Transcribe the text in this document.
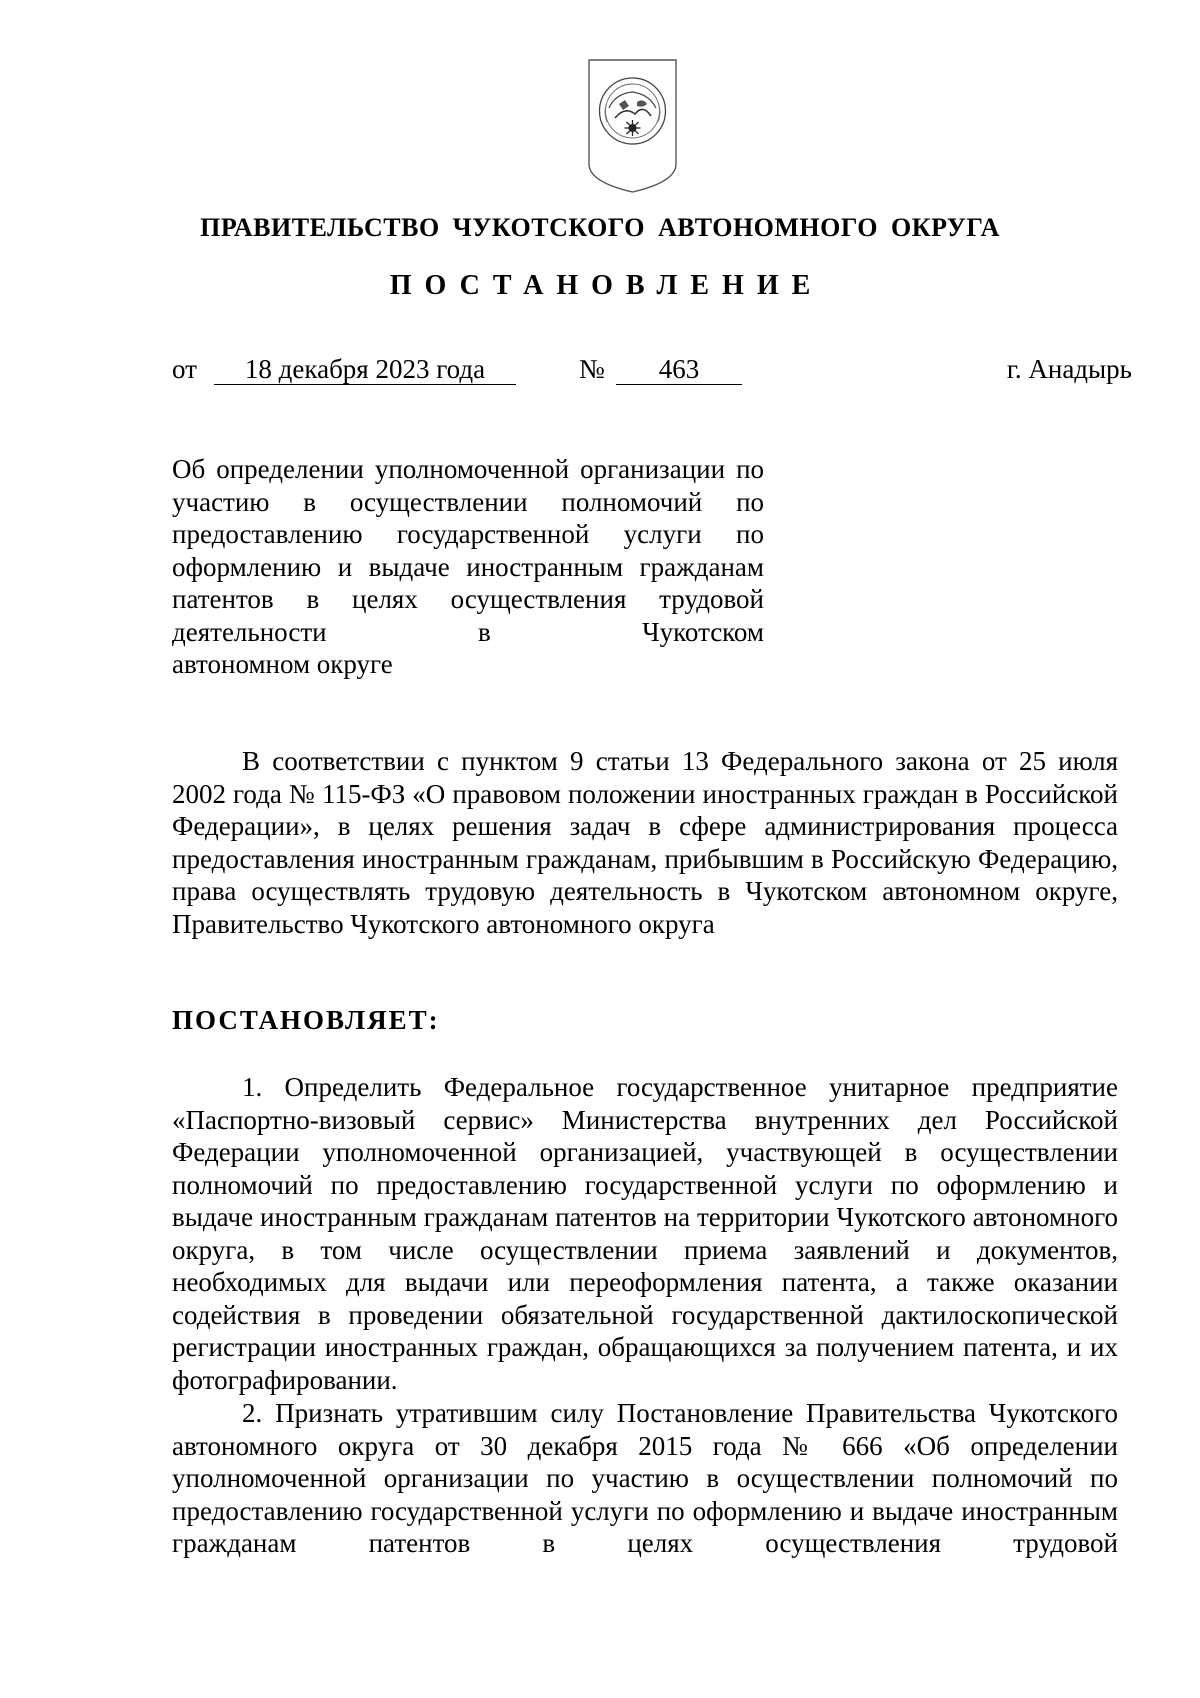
ПРАВИТЕЛЬСТВО ЧУКОТСКОГО АВТОНОМНОГО ОКРУГА
ПОСТАНОВЛЕНИЕ
от	18 декабря 2023 года	№	463	г. Анадырь

Об определении уполномоченной организации по участию в осуществлении полномочий по предоставлению государственной услуги по оформлению и выдаче иностранным гражданам патентов в целях осуществления трудовой деятельности в Чукотском
автономном округе

В соответствии с пунктом 9 статьи 13 Федерального закона от 25 июля 2002 года № 115-ФЗ «О правовом положении иностранных граждан в Российской Федерации», в целях решения задач в сфере администрирования процесса предоставления иностранным гражданам, прибывшим в Российскую Федерацию, права осуществлять трудовую деятельность в Чукотском автономном округе, Правительство Чукотского автономного округа

ПОСТАНОВЛЯЕТ:

1. Определить Федеральное государственное унитарное предприятие «Паспортно-визовый сервис» Министерства внутренних дел Российской Федерации уполномоченной организацией, участвующей в осуществлении полномочий по предоставлению государственной услуги по оформлению и выдаче иностранным гражданам патентов на территории Чукотского автономного округа, в том числе осуществлении приема заявлений и документов, необходимых для выдачи или переоформления патента, а также оказании содействия в проведении обязательной государственной дактилоскопической регистрации иностранных граждан, обращающихся за получением патента, и их фотографировании.

2. Признать утратившим силу Постановление Правительства Чукотского автономного округа от 30 декабря 2015 года № 666 «Об определении уполномоченной организации по участию в осуществлении полномочий по предоставлению государственной услуги по оформлению и выдаче иностранным гражданам патентов в целях осуществления трудовой
